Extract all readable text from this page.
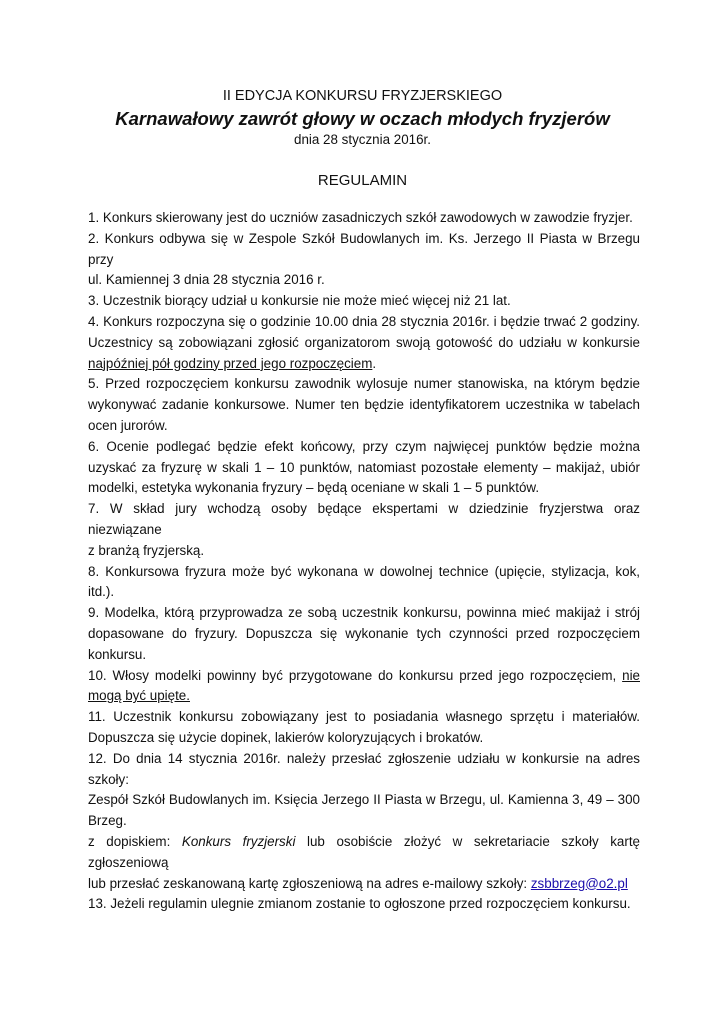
II EDYCJA KONKURSU FRYZJERSKIEGO
Karnawałowy zawrót głowy w oczach młodych fryzjerów
dnia 28 stycznia 2016r.
REGULAMIN
1. Konkurs skierowany jest do uczniów zasadniczych szkół zawodowych w zawodzie fryzjer.
2. Konkurs odbywa się w Zespole Szkół Budowlanych im. Ks. Jerzego II Piasta w Brzegu przy
ul. Kamiennej 3 dnia 28 stycznia 2016 r.
3. Uczestnik biorący udział u konkursie nie może mieć więcej niż 21 lat.
4. Konkurs rozpoczyna się o godzinie 10.00 dnia 28 stycznia 2016r. i będzie trwać 2 godziny.
Uczestnicy są zobowiązani zgłosić organizatorom swoją gotowość do udziału w konkursie
najpóźniej pół godziny przed jego rozpoczęciem.
5. Przed rozpoczęciem konkursu zawodnik wylosuje numer stanowiska, na którym będzie
wykonywać zadanie konkursowe. Numer ten będzie identyfikatorem uczestnika w tabelach
ocen jurorów.
6. Ocenie podlegać będzie efekt końcowy, przy czym najwięcej punktów będzie można
uzyskać za fryzurę w skali 1 – 10 punktów, natomiast pozostałe elementy – makijaż, ubiór
modelki, estetyka wykonania fryzury – będą oceniane w skali 1 – 5 punktów.
7. W skład jury wchodzą osoby będące ekspertami w dziedzinie fryzjerstwa oraz
niezwiązane
z branżą fryzjerską.
8. Konkursowa fryzura może być wykonana w dowolnej technice (upięcie, stylizacja, kok,
itd.).
9. Modelka, którą przyprowadza ze sobą uczestnik konkursu, powinna mieć makijaż i strój
dopasowane do fryzury. Dopuszcza się wykonanie tych czynności przed rozpoczęciem
konkursu.
10. Włosy modelki powinny być przygotowane do konkursu przed jego rozpoczęciem, nie
mogą być upięte.
11. Uczestnik konkursu zobowiązany jest to posiadania własnego sprzętu i materiałów.
Dopuszcza się użycie dopinek, lakierów koloryzujących i brokatów.
12. Do dnia 14 stycznia 2016r. należy przesłać zgłoszenie udziału w konkursie na adres szkoły:
Zespół Szkół Budowlanych im. Księcia Jerzego II Piasta w Brzegu, ul. Kamienna 3, 49 – 300
Brzeg.
z dopiskiem: Konkurs fryzjerski lub osobiście złożyć w sekretariacie szkoły kartę zgłoszeniową
lub przesłać zeskanowaną kartę zgłoszeniową na adres e-mailowy szkoły: zsbbrzeg@o2.pl
13. Jeżeli regulamin ulegnie zmianom zostanie to ogłoszone przed rozpoczęciem konkursu.
